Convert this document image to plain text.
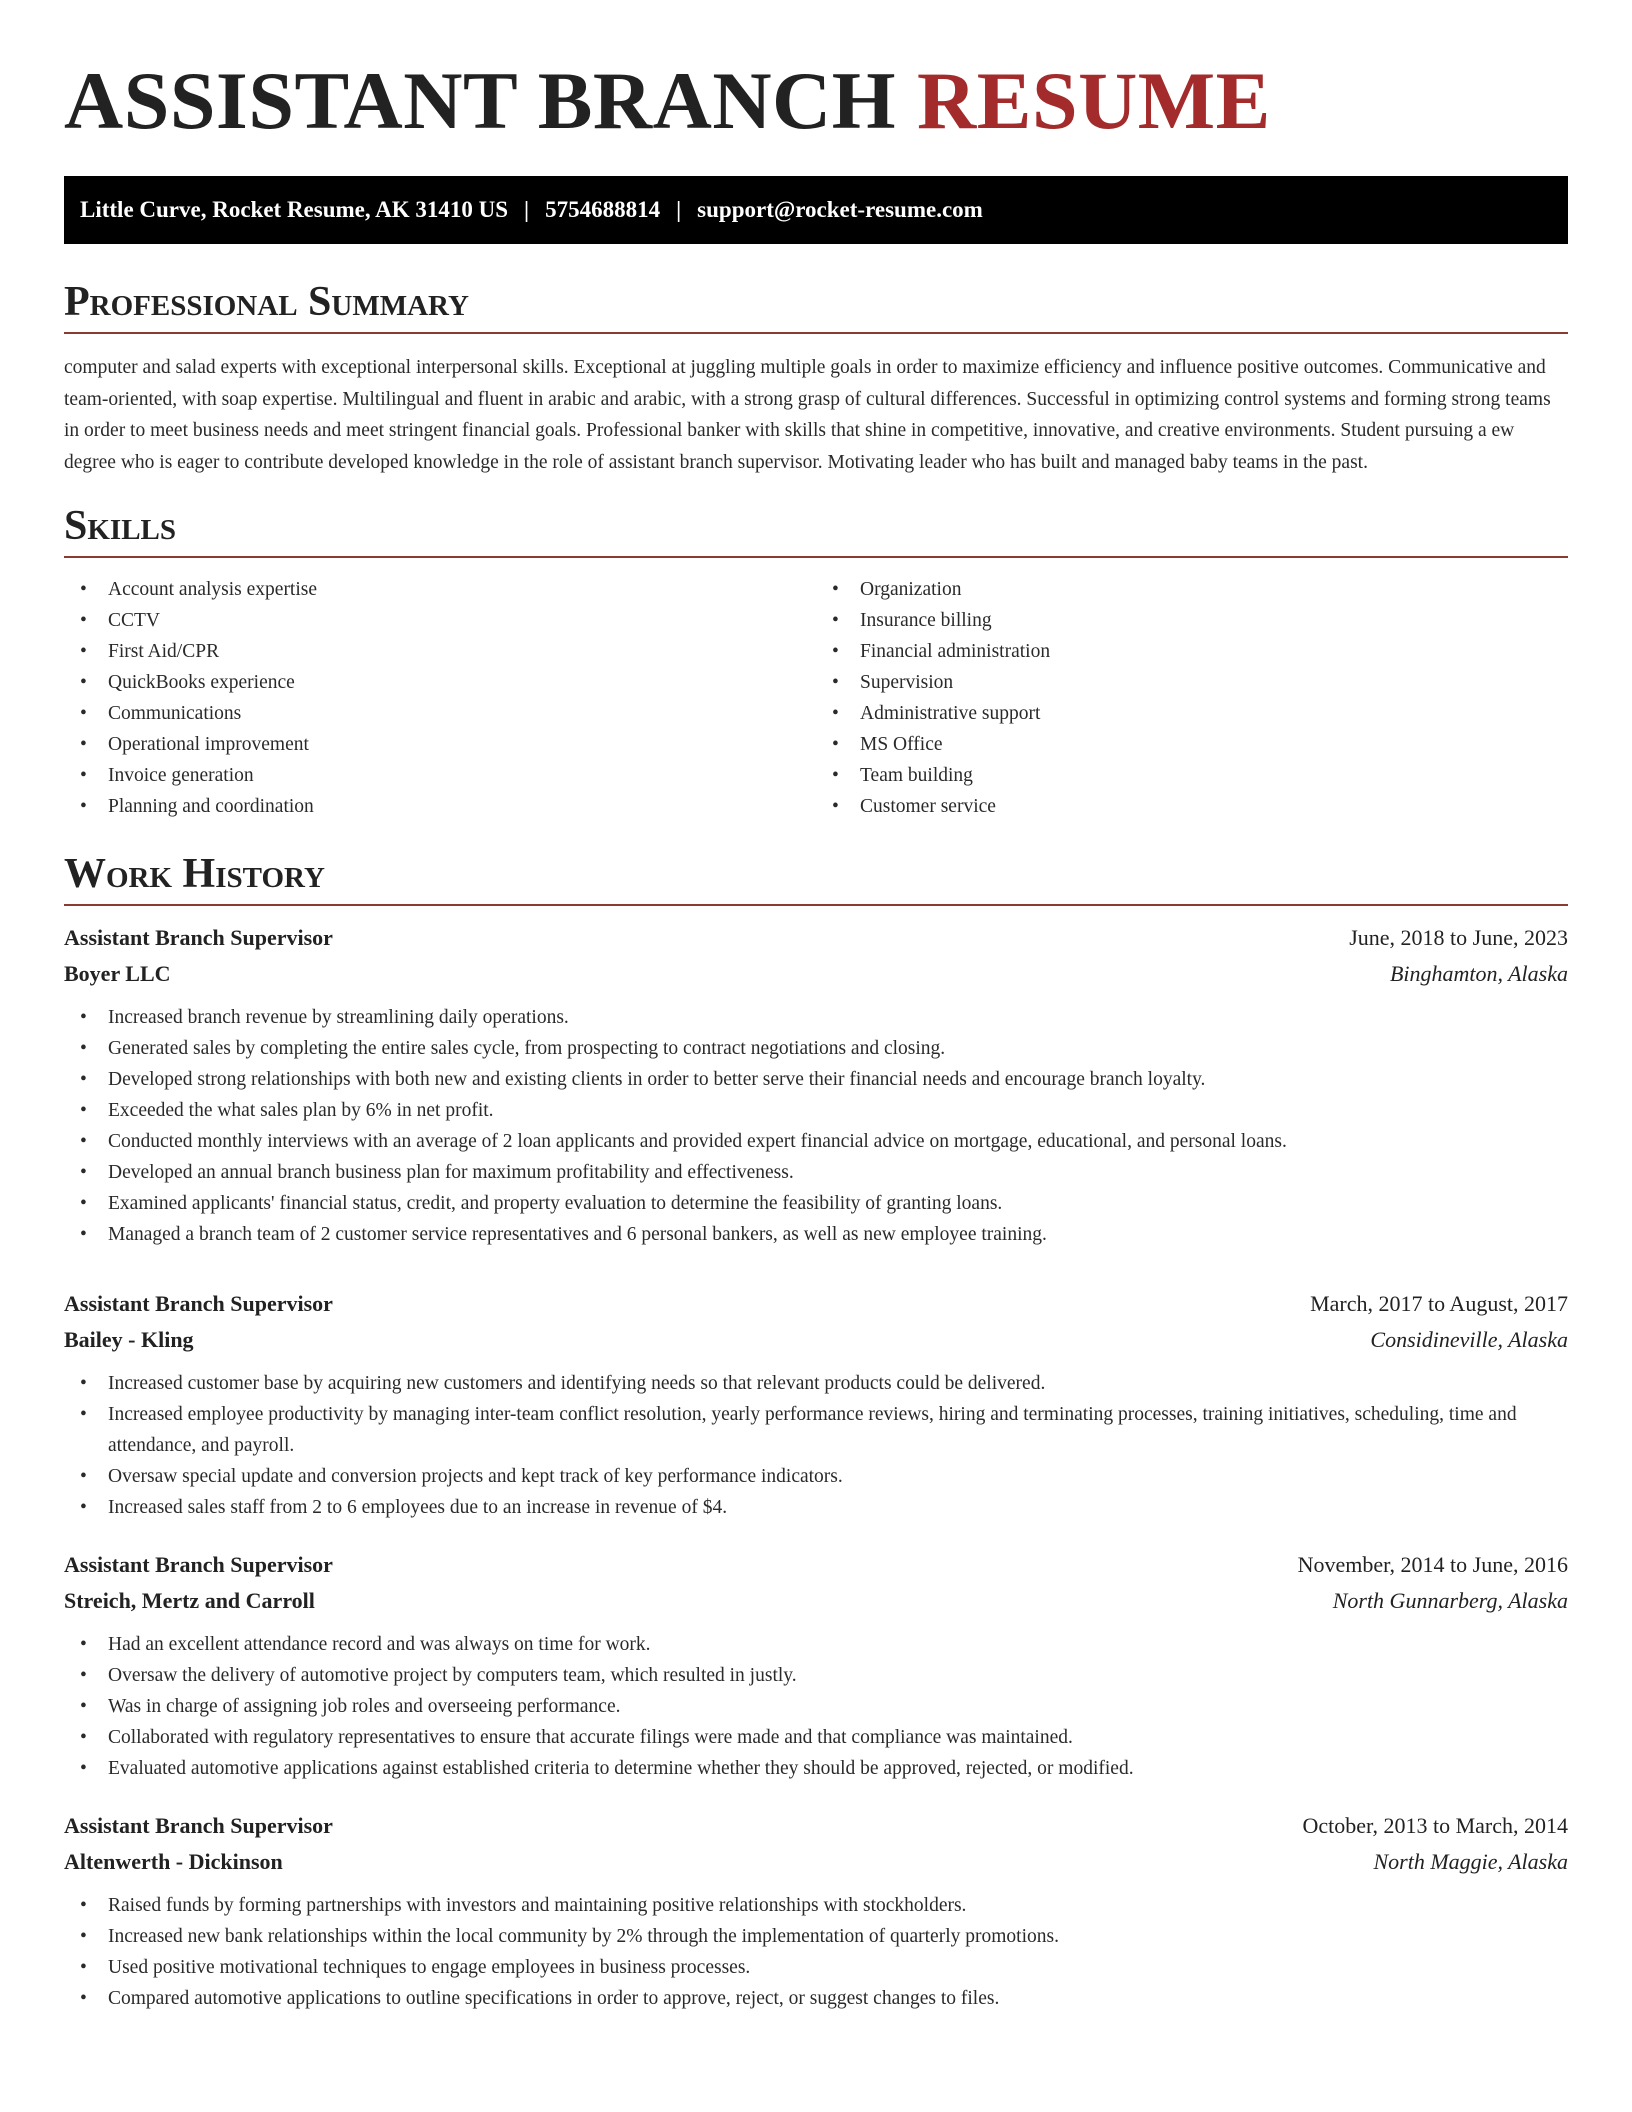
ASSISTANT BRANCH RESUME
Little Curve, Rocket Resume, AK 31410 US | 5754688814 | support@rocket-resume.com
Professional Summary

computer and salad experts with exceptional interpersonal skills. Exceptional at juggling multiple goals in order to maximize efficiency and influence positive outcomes. Communicative and team-oriented, with soap expertise. Multilingual and fluent in arabic and arabic, with a strong grasp of cultural differences. Successful in optimizing control systems and forming strong teams in order to meet business needs and meet stringent financial goals. Professional banker with skills that shine in competitive, innovative, and creative environments. Student pursuing a ew degree who is eager to contribute developed knowledge in the role of assistant branch supervisor. Motivating leader who has built and managed baby teams in the past.

Skills
• Account analysis expertise
• CCTV
• First Aid/CPR
• QuickBooks experience
• Communications
• Operational improvement
• Invoice generation
• Planning and coordination
• Organization
• Insurance billing
• Financial administration
• Supervision
• Administrative support
• MS Office
• Team building
• Customer service
Work History
Assistant Branch Supervisor	June, 2018 to June, 2023
Boyer LLC	Binghamton, Alaska
• Increased branch revenue by streamlining daily operations.
• Generated sales by completing the entire sales cycle, from prospecting to contract negotiations and closing.
• Developed strong relationships with both new and existing clients in order to better serve their financial needs and encourage branch loyalty.
• Exceeded the what sales plan by 6% in net profit.
• Conducted monthly interviews with an average of 2 loan applicants and provided expert financial advice on mortgage, educational, and personal loans.
• Developed an annual branch business plan for maximum profitability and effectiveness.
• Examined applicants' financial status, credit, and property evaluation to determine the feasibility of granting loans.
• Managed a branch team of 2 customer service representatives and 6 personal bankers, as well as new employee training.
Assistant Branch Supervisor	March, 2017 to August, 2017
Bailey - Kling	Considineville, Alaska
• Increased customer base by acquiring new customers and identifying needs so that relevant products could be delivered.
• Increased employee productivity by managing inter-team conflict resolution, yearly performance reviews, hiring and terminating processes, training initiatives, scheduling, time and attendance, and payroll.
• Oversaw special update and conversion projects and kept track of key performance indicators.
• Increased sales staff from 2 to 6 employees due to an increase in revenue of $4.
Assistant Branch Supervisor	November, 2014 to June, 2016
Streich, Mertz and Carroll	North Gunnarberg, Alaska
• Had an excellent attendance record and was always on time for work.
• Oversaw the delivery of automotive project by computers team, which resulted in justly.
• Was in charge of assigning job roles and overseeing performance.
• Collaborated with regulatory representatives to ensure that accurate filings were made and that compliance was maintained.
• Evaluated automotive applications against established criteria to determine whether they should be approved, rejected, or modified.
Assistant Branch Supervisor	October, 2013 to March, 2014
Altenwerth - Dickinson	North Maggie, Alaska
• Raised funds by forming partnerships with investors and maintaining positive relationships with stockholders.
• Increased new bank relationships within the local community by 2% through the implementation of quarterly promotions.
• Used positive motivational techniques to engage employees in business processes.
• Compared automotive applications to outline specifications in order to approve, reject, or suggest changes to files.
